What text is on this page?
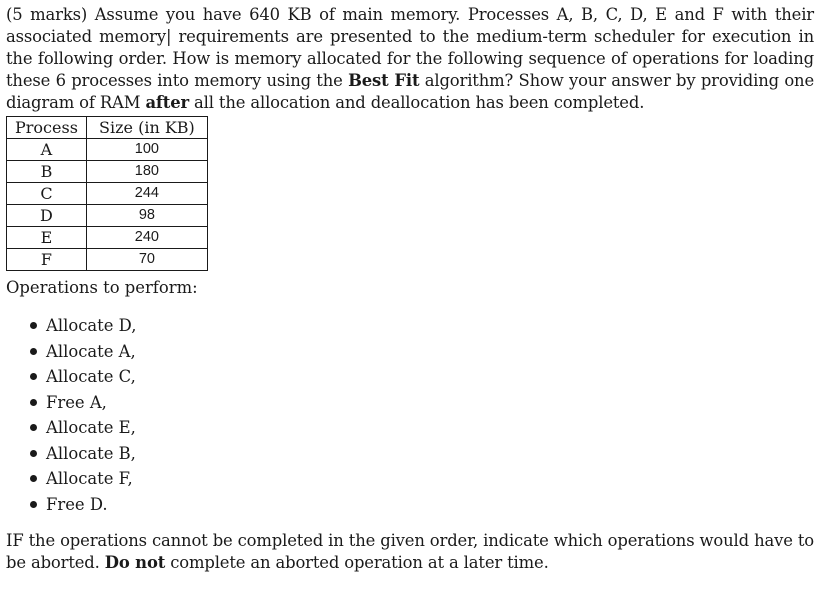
(5 marks) Assume you have 640 KB of main memory. Processes A, B, C, D, E and F with their associated memory| requirements are presented to the medium-term scheduler for execution in the following order. How is memory allocated for the following sequence of operations for loading these 6 processes into memory using the Best Fit algorithm? Show your answer by providing one diagram of RAM after all the allocation and deallocation has been completed.

Process	Size (in KB)
A	100
B	180
C	244
D	98
E	240
F	70
Operations to perform:
Allocate D,
Allocate A,
Allocate C,
Free A,
Allocate E,
Allocate B,
Allocate F,
Free D.

IF the operations cannot be completed in the given order, indicate which operations would have to be aborted. Do not complete an aborted operation at a later time.
